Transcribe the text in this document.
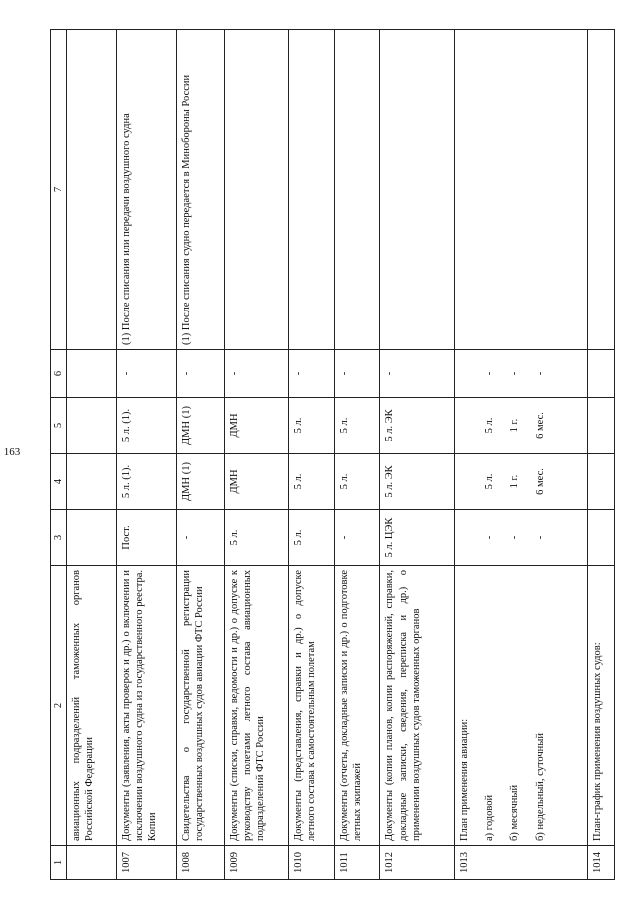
163
1	2	3	4	5	6	7
	авиационных подразделений таможенных органов Российской Федерации					
1007	Документы (заявления, акты проверок и др.) о включении и исключении воздушного судна из государственного реестра. Копии	Пост.	5 л. (1).	5 л. (1).	-	(1) После списания или передачи воздушного судна
1008	Свидетельства о государственной регистрации государственных воздушных судов авиации ФТС России	-	ДМН (1)	ДМН (1)	-	(1) После списания судно передается в Минобороны России
1009	Документы (списки, справки, ведомости и др.) о допуске к руководству полетами летного состава авиационных подразделений ФТС России	5 л.	ДМН	ДМН	-	
1010	Документы (представления, справки и др.) о допуске летного состава к самостоятельным полетам	5 л.	5 л.	5 л.	-	
1011	Документы (отчеты, докладные записки и др.) о подготовке летных экипажей	-	5 л.	5 л.	-	
1012	Документы (копии планов, копии распоряжений, справки, докладные записки, сведения, переписка и др.) о применении воздушных судов таможенных органов	5 л. ЦЭК	5 л. ЭК	5 л. ЭК	-	
1013	План применения авиации: а) годовой б) месячный б) недельный, суточный	- - -	5 л. 1 г. 6 мес.	5 л. 1 г. 6 мес.	- - -	

1014	План-график применения воздушных судов:					
